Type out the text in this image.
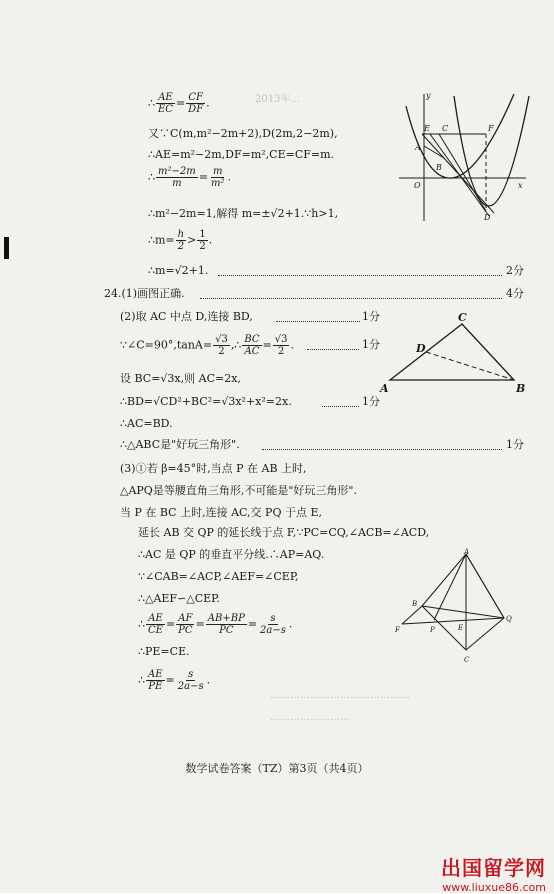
2013年...
∴ $\frac{AE}{EC} = \frac{CF}{DF}$ .
又∵C(m,m²−2m+2),D(2m,2−2m),
∴AE=m²−2m,DF=m²,CE=CF=m.
∴ $\frac{\text{m²−2m}}{m} = \frac{m}{\text{m²}}$ .
∴m²−2m=1,解得 m=±√2+1.∵h>1,
∴m= $\frac{h}{2} > \frac{1}{2}$ .
∴m=√2+1.	2分
24.(1)画图正确.	4分
(2)取 AC 中点 D,连接 BD,	1分
∵∠C=90°,tanA= $\frac{√3}{2}$ ,∴ $\frac{BC}{AC} = \frac{√3}{2}$ .	1分
设 BC=√3x,则 AC=2x,
∴BD=√CD²+BC²=√3x²+x²=2x.	1分
∴AC=BD.
∴△ABC是"好玩三角形".	1分
(3)①若 β=45°时,当点 P 在 AB 上时,
△APQ是等腰直角三角形,不可能是"好玩三角形".
当 P 在 BC 上时,连接 AC,交 PQ 于点 E,
延长 AB 交 QP 的延长线于点 F,∵PC=CQ,∠ACB=∠ACD,
∴AC 是 QP 的垂直平分线.∴AP=AQ.
∵∠CAB=∠ACP,∠AEF=∠CEP,
∴△AEF∽△CEP.
∴ $\frac{AE}{CE} = \frac{AF}{PC} = \frac{AB+BP}{PC} = \frac{s}{2a-s}$ .
∴PE=CE.
∴ $\frac{AE}{PE} = \frac{s}{2a-s}$ .
……………………………………
……………………
y
x
O
E	F
A
B
C
D
A	B
C
D
A
B
F	P	E
Q
C
数学试卷答案（TZ）第3页（共4页）
出国留学网
www.liuxue86.com
